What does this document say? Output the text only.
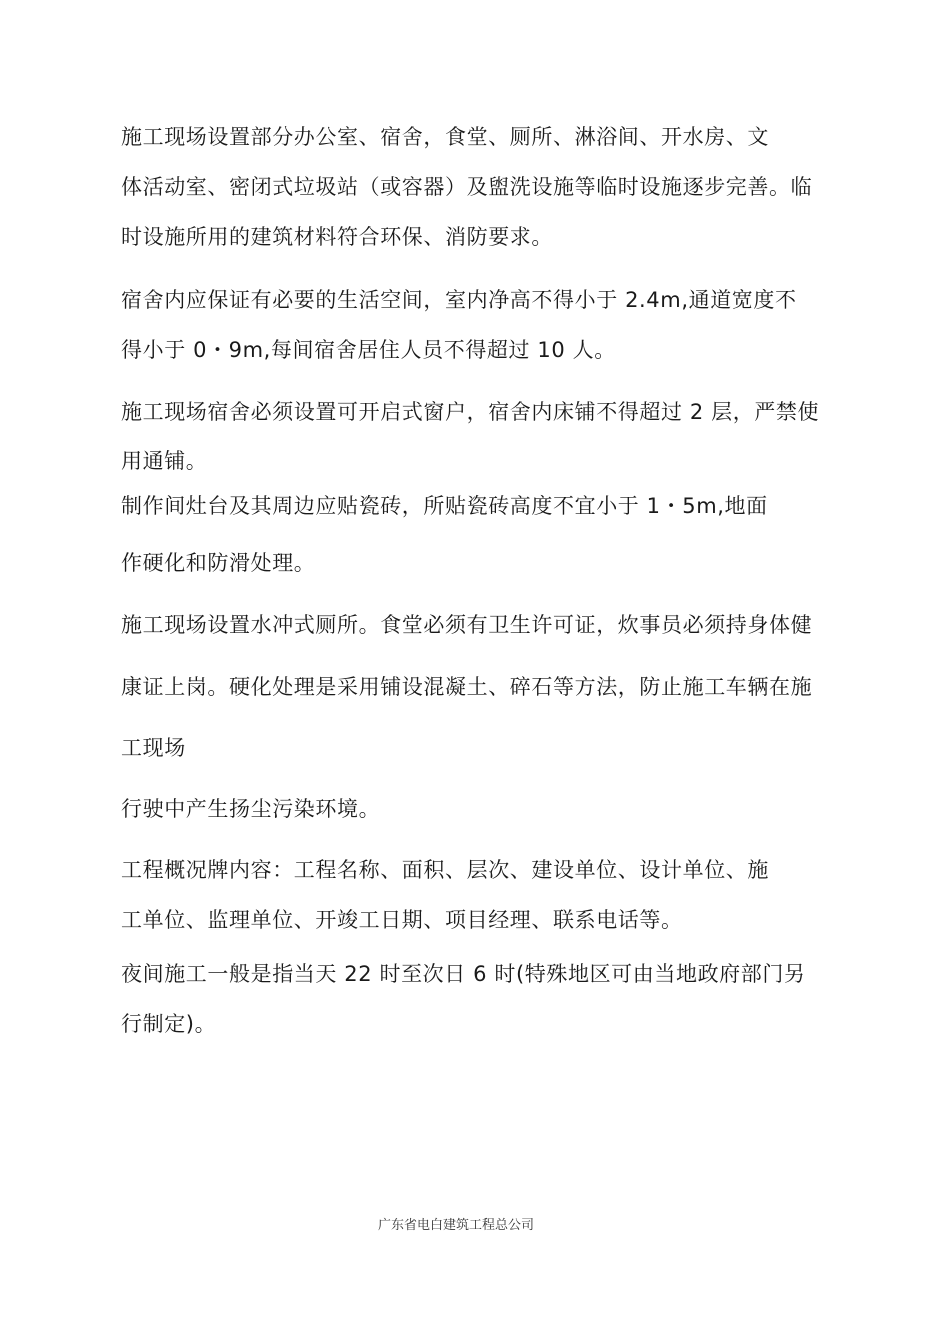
施工现场设置部分办公室、宿舍，食堂、厕所、淋浴间、开水房、文
体活动室、密闭式垃圾站（或容器）及盥洗设施等临时设施逐步完善。临
时设施所用的建筑材料符合环保、消防要求。
宿舍内应保证有必要的生活空间，室内净高不得小于 2.4m,通道宽度不
得小于 0・9m,每间宿舍居住人员不得超过 10 人。
施工现场宿舍必须设置可开启式窗户，宿舍内床铺不得超过 2 层，严禁使
用通铺。
制作间灶台及其周边应贴瓷砖，所贴瓷砖高度不宜小于 1・5m,地面
作硬化和防滑处理。
施工现场设置水冲式厕所。食堂必须有卫生许可证，炊事员必须持身体健
康证上岗。硬化处理是采用铺设混凝土、碎石等方法，防止施工车辆在施
工现场
行驶中产生扬尘污染环境。
工程概况牌内容：工程名称、面积、层次、建设单位、设计单位、施
工单位、监理单位、开竣工日期、项目经理、联系电话等。
夜间施工一般是指当天 22 时至次日 6 时(特殊地区可由当地政府部门另
行制定)。
广东省电白建筑工程总公司
